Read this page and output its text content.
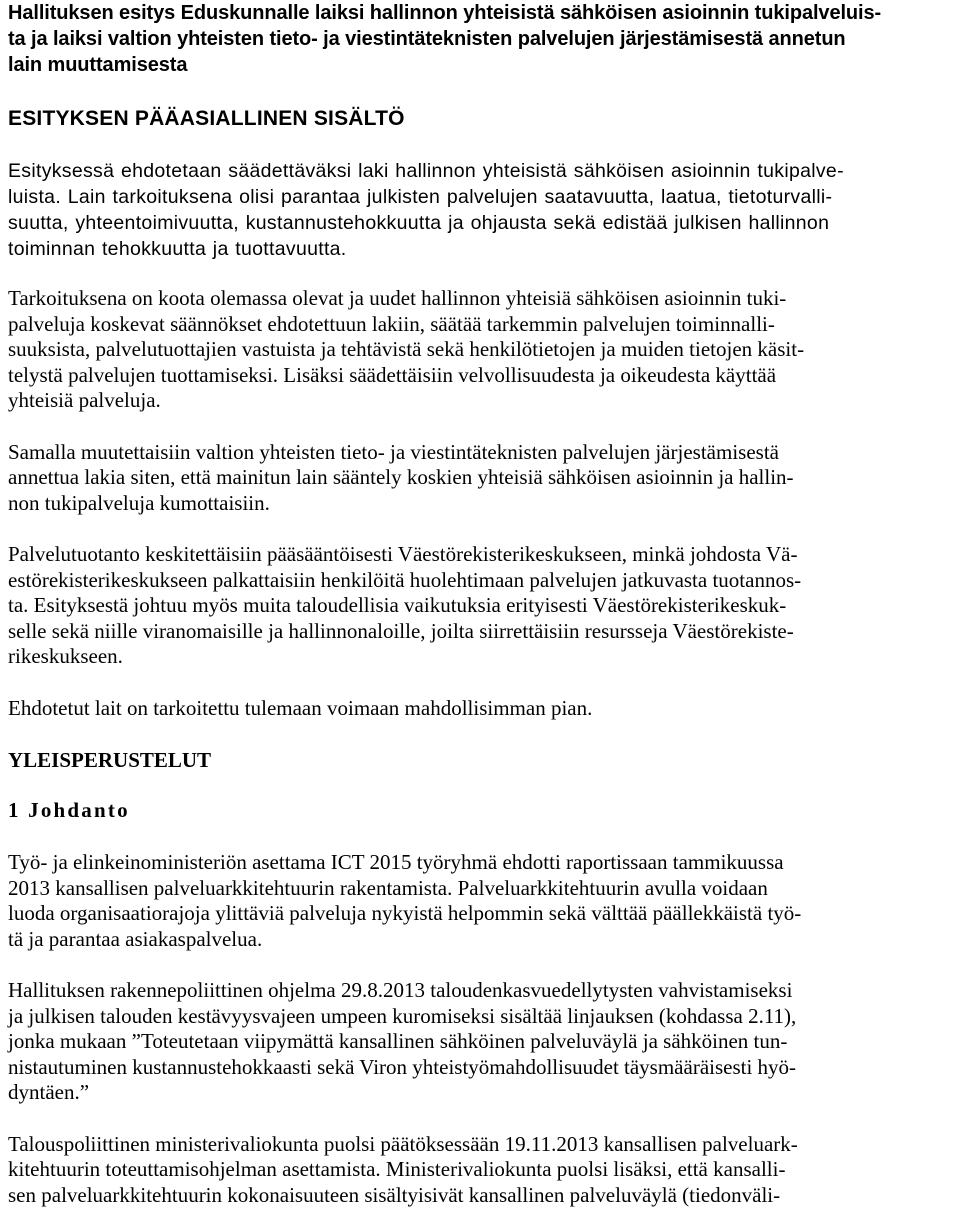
Hallituksen esitys Eduskunnalle laiksi hallinnon yhteisistä sähköisen asioinnin tukipalveluis-
ta ja laiksi valtion yhteisten tieto- ja viestintäteknisten palvelujen järjestämisestä annetun
lain muuttamisesta
ESITYKSEN PÄÄASIALLINEN SISÄLTÖ

Esityksessä ehdotetaan säädettäväksi laki hallinnon yhteisistä sähköisen asioinnin tukipalve-
luista. Lain tarkoituksena olisi parantaa julkisten palvelujen saatavuutta, laatua, tietoturvalli-
suutta, yhteentoimivuutta, kustannustehokkuutta ja ohjausta sekä edistää julkisen hallinnon
toiminnan tehokkuutta ja tuottavuutta.

Tarkoituksena on koota olemassa olevat ja uudet hallinnon yhteisiä sähköisen asioinnin tuki-
palveluja koskevat säännökset ehdotettuun lakiin, säätää tarkemmin palvelujen toiminnalli-
suuksista, palvelutuottajien vastuista ja tehtävistä sekä henkilötietojen ja muiden tietojen käsit-
telystä palvelujen tuottamiseksi. Lisäksi säädettäisiin velvollisuudesta ja oikeudesta käyttää
yhteisiä palveluja.

Samalla muutettaisiin valtion yhteisten tieto- ja viestintäteknisten palvelujen järjestämisestä
annettua lakia siten, että mainitun lain sääntely koskien yhteisiä sähköisen asioinnin ja hallin-
non tukipalveluja kumottaisiin.

Palvelutuotanto keskitettäisiin pääsääntöisesti Väestörekisterikeskukseen, minkä johdosta Vä-
estörekisterikeskukseen palkattaisiin henkilöitä huolehtimaan palvelujen jatkuvasta tuotannos-
ta. Esityksestä johtuu myös muita taloudellisia vaikutuksia erityisesti Väestörekisterikeskuk-
selle sekä niille viranomaisille ja hallinnonaloille, joilta siirrettäisiin resursseja Väestörekiste-
rikeskukseen.

Ehdotetut lait on tarkoitettu tulemaan voimaan mahdollisimman pian.

YLEISPERUSTELUT
1 Johdanto

Työ- ja elinkeinoministeriön asettama ICT 2015 työryhmä ehdotti raportissaan tammikuussa
2013 kansallisen palveluarkkitehtuurin rakentamista. Palveluarkkitehtuurin avulla voidaan
luoda organisaatiorajoja ylittäviä palveluja nykyistä helpommin sekä välttää päällekkäistä työ-
tä ja parantaa asiakaspalvelua.

Hallituksen rakennepoliittinen ohjelma 29.8.2013 taloudenkasvuedellytysten vahvistamiseksi
ja julkisen talouden kestävyysvajeen umpeen kuromiseksi sisältää linjauksen (kohdassa 2.11),
jonka mukaan ”Toteutetaan viipymättä kansallinen sähköinen palveluväylä ja sähköinen tun-
nistautuminen kustannustehokkaasti sekä Viron yhteistyömahdollisuudet täysmääräisesti hyö-
dyntäen.”

Talouspoliittinen ministerivaliokunta puolsi päätöksessään 19.11.2013 kansallisen palveluark-
kitehtuurin toteuttamisohjelman asettamista. Ministerivaliokunta puolsi lisäksi, että kansalli-
sen palveluarkkitehtuurin kokonaisuuteen sisältyisivät kansallinen palveluväylä (tiedonväli-
